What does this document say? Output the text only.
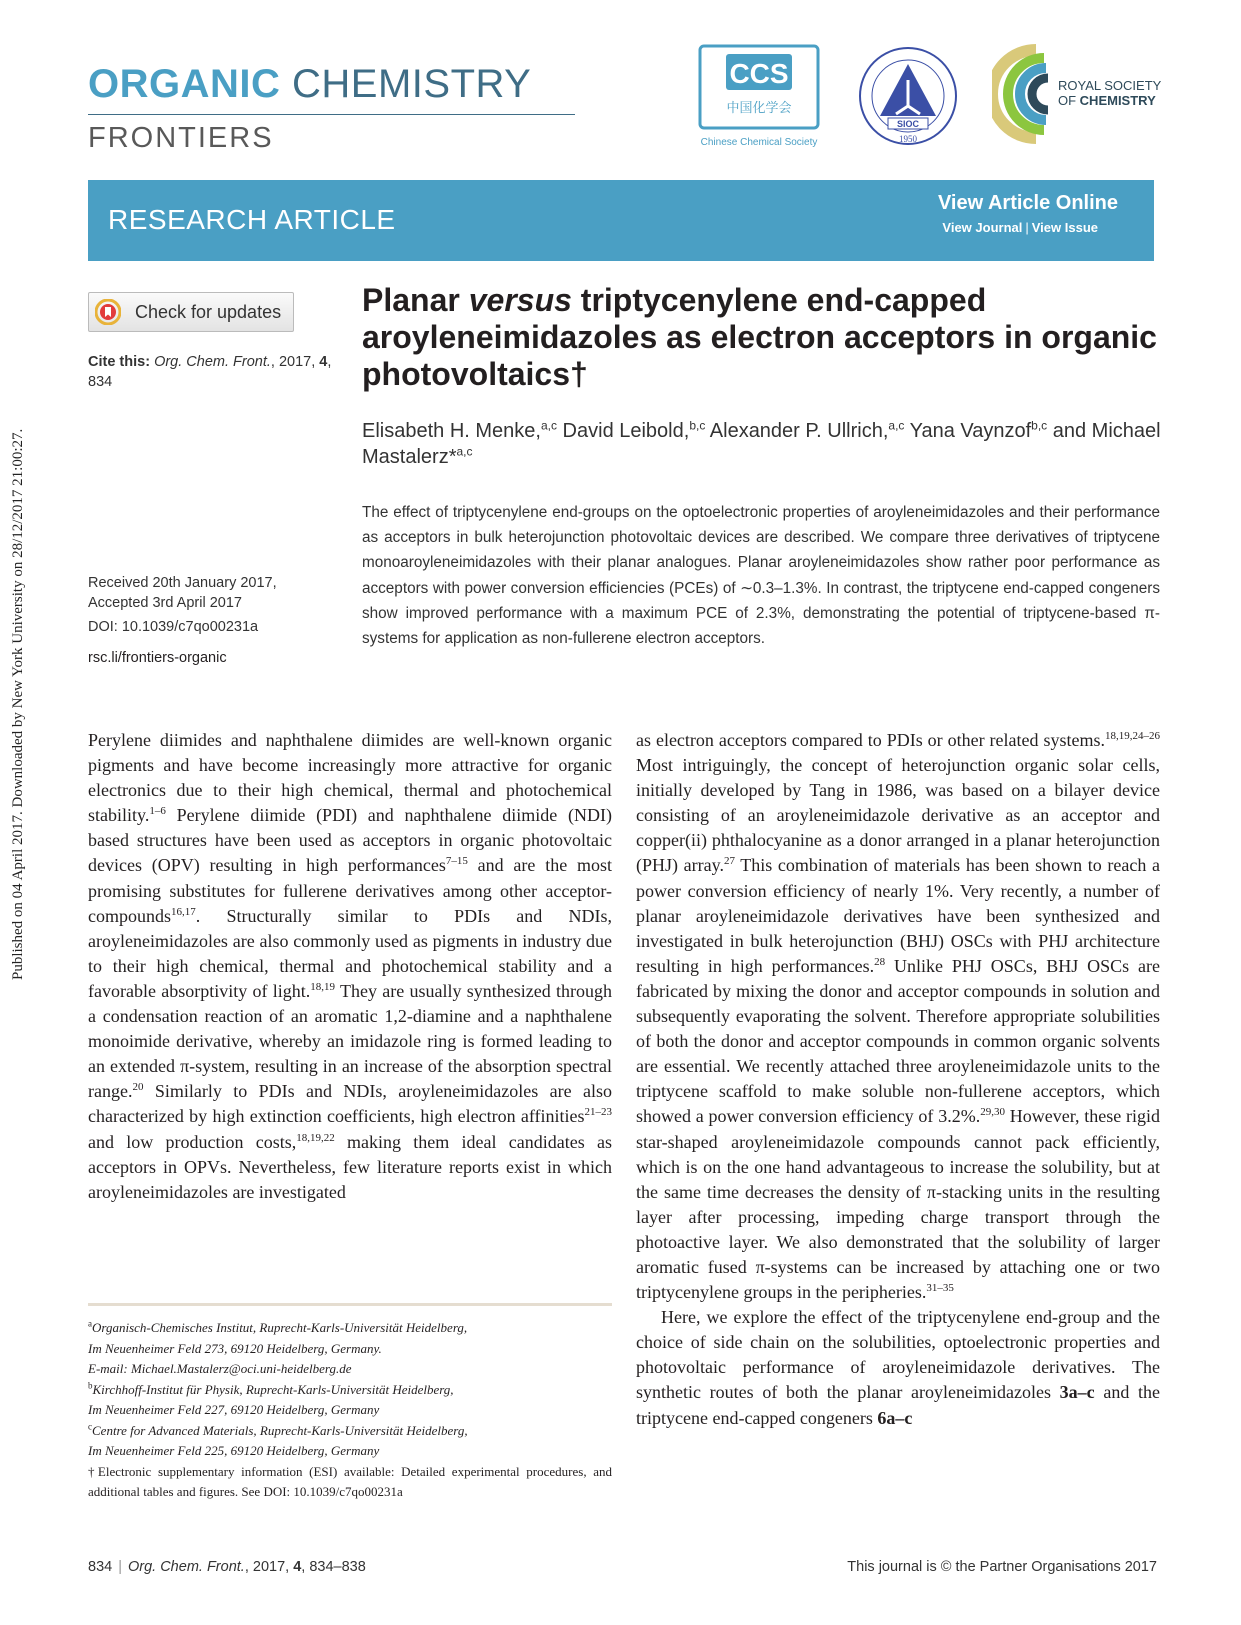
Published on 04 April 2017. Downloaded by New York University on 28/12/2017 21:00:27.
ORGANIC CHEMISTRY
FRONTIERS
CCS
中国化学会
Chinese Chemical Society
SIOC
1950
ROYAL SOCIETY
OF CHEMISTRY
RESEARCH ARTICLE
View Article Online
View Journal | View Issue
Check for updates
Cite this: Org. Chem. Front., 2017, 4, 834
Received 20th January 2017,
Accepted 3rd April 2017
DOI: 10.1039/c7qo00231a
rsc.li/frontiers-organic
Planar versus triptycenylene end-capped aroyleneimidazoles as electron acceptors in organic photovoltaics†
Elisabeth H. Menke,$^{a,c}$ David Leibold,$^{b,c}$ Alexander P. Ullrich,$^{a,c}$ Yana Vaynzof$^{b,c}$ and Michael Mastalerz*$^{a,c}$

The effect of triptycenylene end-groups on the optoelectronic properties of aroyleneimidazoles and their performance as acceptors in bulk heterojunction photovoltaic devices are described. We compare three derivatives of triptycene monoaroyleneimidazoles with their planar analogues. Planar aroyleneimidazoles show rather poor performance as acceptors with power conversion efficiencies (PCEs) of ∼0.3–1.3%. In contrast, the triptycene end-capped congeners show improved performance with a maximum PCE of 2.3%, demonstrating the potential of triptycene-based π-systems for application as non-fullerene electron acceptors.

Perylene diimides and naphthalene diimides are well-known organic pigments and have become increasingly more attractive for organic electronics due to their high chemical, thermal and photochemical stability.$^{1-6}$ Perylene diimide (PDI) and naphthalene diimide (NDI) based structures have been used as acceptors in organic photovoltaic devices (OPV) resulting in high performances$^{7-15}$ and are the most promising substitutes for fullerene derivatives among other acceptor-compounds$^{16,17}$. Structurally similar to PDIs and NDIs, aroyleneimidazoles are also commonly used as pigments in industry due to their high chemical, thermal and photochemical stability and a favorable absorptivity of light.$^{18,19}$ They are usually synthesized through a condensation reaction of an aromatic 1,2-diamine and a naphthalene monoimide derivative, whereby an imidazole ring is formed leading to an extended π-system, resulting in an increase of the absorption spectral range.$^{20}$ Similarly to PDIs and NDIs, aroyleneimidazoles are also characterized by high extinction coefficients, high electron affinities$^{21-23}$ and low production costs,$^{18,19,22}$ making them ideal candidates as acceptors in OPVs. Nevertheless, few literature reports exist in which aroyleneimidazoles are investigated

as electron acceptors compared to PDIs or other related systems.$^{18,19,24-26}$ Most intriguingly, the concept of heterojunction organic solar cells, initially developed by Tang in 1986, was based on a bilayer device consisting of an aroyleneimidazole derivative as an acceptor and copper(ii) phthalocyanine as a donor arranged in a planar heterojunction (PHJ) array.$^{27}$ This combination of materials has been shown to reach a power conversion efficiency of nearly 1%. Very recently, a number of planar aroyleneimidazole derivatives have been synthesized and investigated in bulk heterojunction (BHJ) OSCs with PHJ architecture resulting in high performances.$^{28}$ Unlike PHJ OSCs, BHJ OSCs are fabricated by mixing the donor and acceptor compounds in solution and subsequently evaporating the solvent. Therefore appropriate solubilities of both the donor and acceptor compounds in common organic solvents are essential. We recently attached three aroyleneimidazole units to the triptycene scaffold to make soluble non-fullerene acceptors, which showed a power conversion efficiency of 3.2%.$^{29,30}$ However, these rigid star-shaped aroyleneimidazole compounds cannot pack efficiently, which is on the one hand advantageous to increase the solubility, but at the same time decreases the density of π-stacking units in the resulting layer after processing, impeding charge transport through the photoactive layer. We also demonstrated that the solubility of larger aromatic fused π-systems can be increased by attaching one or two triptycenylene groups in the peripheries.$^{31-35}$

Here, we explore the effect of the triptycenylene end-group and the choice of side chain on the solubilities, optoelectronic properties and photovoltaic performance of aroyleneimidazole derivatives. The synthetic routes of both the planar aroyleneimidazoles 3a–c and the triptycene end-capped congeners 6a–c

$^a$Organisch-Chemisches Institut, Ruprecht-Karls-Universität Heidelberg,
Im Neuenheimer Feld 273, 69120 Heidelberg, Germany.
E-mail: Michael.Mastalerz@oci.uni-heidelberg.de
$^b$Kirchhoff-Institut für Physik, Ruprecht-Karls-Universität Heidelberg,
Im Neuenheimer Feld 227, 69120 Heidelberg, Germany
$^c$Centre for Advanced Materials, Ruprecht-Karls-Universität Heidelberg,
Im Neuenheimer Feld 225, 69120 Heidelberg, Germany
†Electronic supplementary information (ESI) available: Detailed experimental procedures, and additional tables and figures. See DOI: 10.1039/c7qo00231a
834 | Org. Chem. Front., 2017, 4, 834–838	This journal is © the Partner Organisations 2017
